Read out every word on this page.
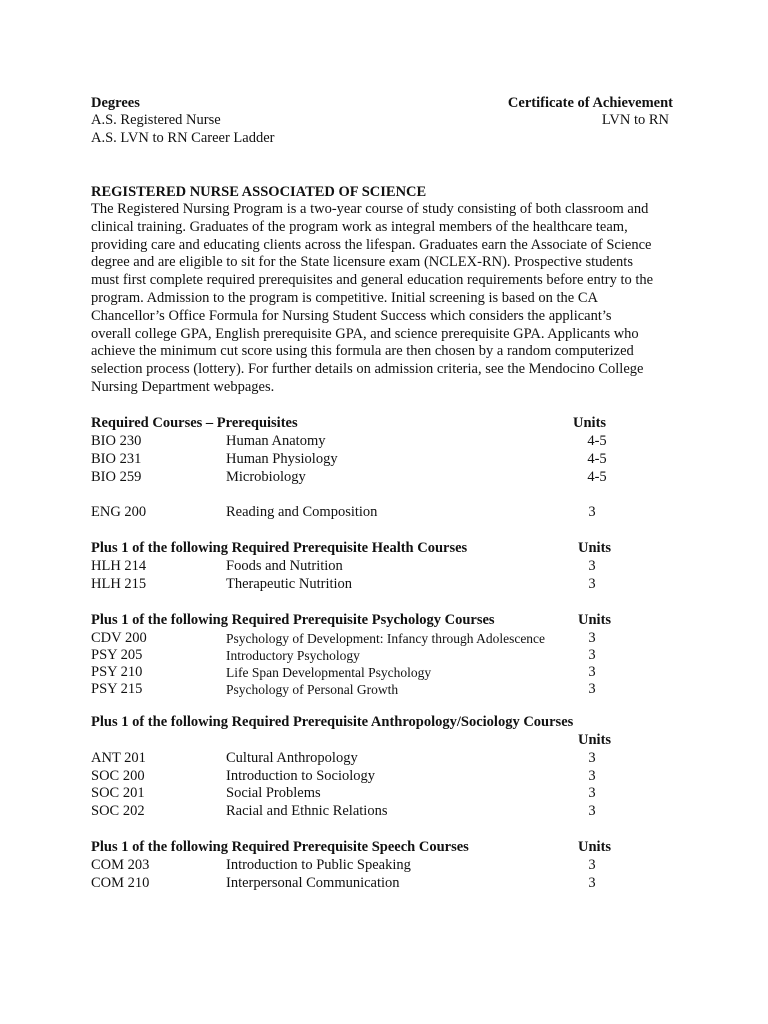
Degrees
A.S. Registered Nurse
A.S. LVN to RN Career Ladder
Certificate of Achievement
LVN to RN
REGISTERED NURSE ASSOCIATED OF SCIENCE
The Registered Nursing Program is a two-year course of study consisting of both classroom and
clinical training. Graduates of the program work as integral members of the healthcare team,
providing care and educating clients across the lifespan. Graduates earn the Associate of Science
degree and are eligible to sit for the State licensure exam (NCLEX-RN). Prospective students
must first complete required prerequisites and general education requirements before entry to the
program. Admission to the program is competitive. Initial screening is based on the CA
Chancellor’s Office Formula for Nursing Student Success which considers the applicant’s
overall college GPA, English prerequisite GPA, and science prerequisite GPA. Applicants who
achieve the minimum cut score using this formula are then chosen by a random computerized
selection process (lottery). For further details on admission criteria, see the Mendocino College
Nursing Department webpages.
Required Courses – Prerequisites	Units
BIO 230	Human Anatomy	4-5
BIO 231	Human Physiology	4-5
BIO 259	Microbiology	4-5
ENG 200	Reading and Composition	3
Plus 1 of the following Required Prerequisite Health Courses	Units
HLH 214	Foods and Nutrition	3
HLH 215	Therapeutic Nutrition	3
Plus 1 of the following Required Prerequisite Psychology Courses	Units
CDV 200	Psychology of Development: Infancy through Adolescence	3
PSY 205	Introductory Psychology	3
PSY 210	Life Span Developmental Psychology	3
PSY 215	Psychology of Personal Growth	3
Plus 1 of the following Required Prerequisite Anthropology/Sociology Courses
Units
ANT 201	Cultural Anthropology	3
SOC 200	Introduction to Sociology	3
SOC 201	Social Problems	3
SOC 202	Racial and Ethnic Relations	3
Plus 1 of the following Required Prerequisite Speech Courses	Units
COM 203	Introduction to Public Speaking	3
COM 210	Interpersonal Communication	3
